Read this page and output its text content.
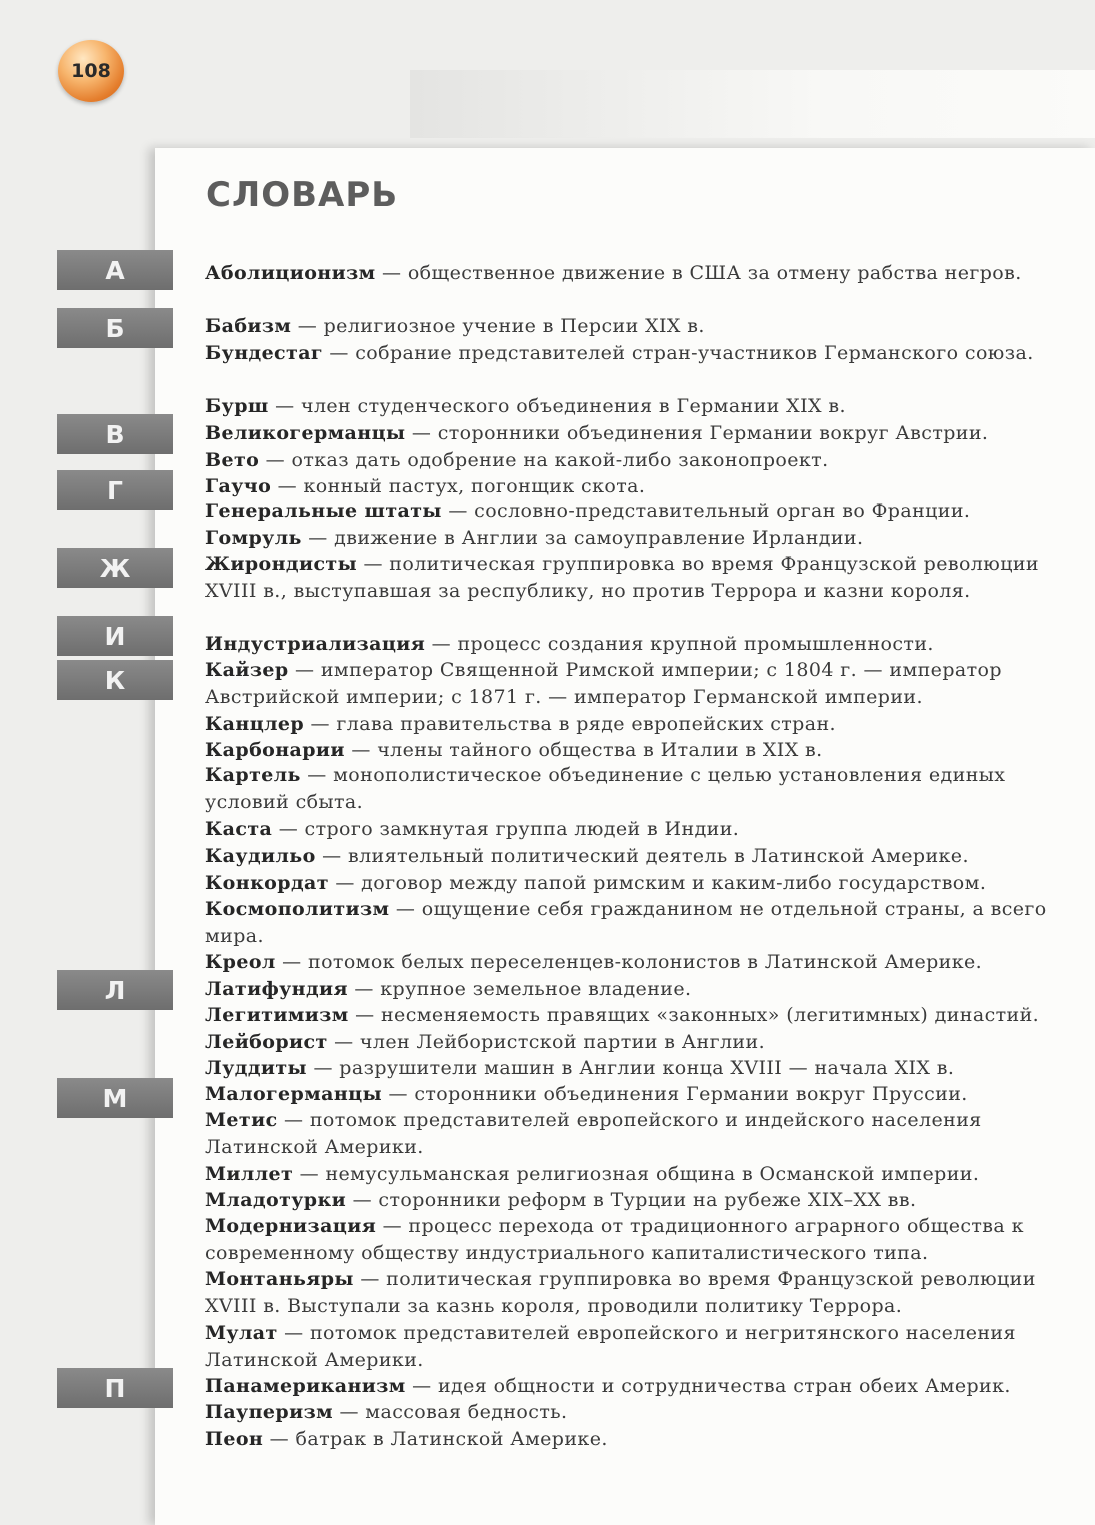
108
СЛОВАРЬ
А
Б
В
Г
Ж
И
К
Л
М
П

Аболиционизм — общественное движение в США за отмену рабства негров.

Бабизм — религиозное учение в Персии XIX в.

Бундестаг — собрание представителей стран-участников Германского союза.

Бурш — член студенческого объединения в Германии XIX в.

Великогерманцы — сторонники объединения Германии вокруг Австрии.

Вето — отказ дать одобрение на какой-либо законопроект.

Гаучо — конный пастух, погонщик скота.

Генеральные штаты — сословно-представительный орган во Франции.

Гомруль — движение в Англии за самоуправление Ирландии.

Жирондисты — политическая группировка во время Французской революции XVIII в., выступавшая за республику, но против Террора и казни короля.

Индустриализация — процесс создания крупной промышленности.

Кайзер — император Священной Римской империи; с 1804 г. — император Австрийской империи; с 1871 г. — император Германской империи.

Канцлер — глава правительства в ряде европейских стран.

Карбонарии — члены тайного общества в Италии в XIX в.

Картель — монополистическое объединение с целью установления единых условий сбыта.

Каста — строго замкнутая группа людей в Индии.

Каудильо — влиятельный политический деятель в Латинской Америке.

Конкордат — договор между папой римским и каким-либо государством.

Космополитизм — ощущение себя гражданином не отдельной страны, а всего мира.

Креол — потомок белых переселенцев-колонистов в Латинской Америке.

Латифундия — крупное земельное владение.

Легитимизм — несменяемость правящих «законных» (легитимных) династий.

Лейборист — член Лейбористской партии в Англии.

Луддиты — разрушители машин в Англии конца XVIII — начала XIX в.

Малогерманцы — сторонники объединения Германии вокруг Пруссии.

Метис — потомок представителей европейского и индейского населения Латинской Америки.

Миллет — немусульманская религиозная община в Османской империи.

Младотурки — сторонники реформ в Турции на рубеже XIX–XX вв.

Модернизация — процесс перехода от традиционного аграрного общества к современному обществу индустриального капиталистического типа.

Монтаньяры — политическая группировка во время Французской революции XVIII в. Выступали за казнь короля, проводили политику Террора.

Мулат — потомок представителей европейского и негритянского населения Латинской Америки.

Панамериканизм — идея общности и сотрудничества стран обеих Америк.

Пауперизм — массовая бедность.

Пеон — батрак в Латинской Америке.
